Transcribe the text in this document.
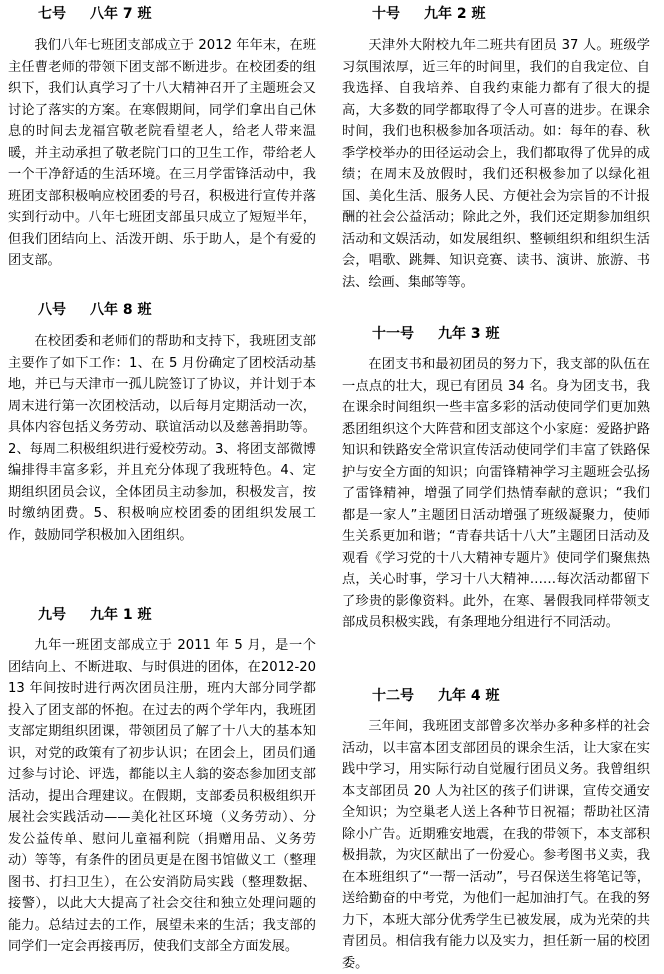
七号 八年 7 班

我们八年七班团支部成立于 2012 年年末，在班主任曹老师的带领下团支部不断进步。在校团委的组织下，我们认真学习了十八大精神召开了主题班会又讨论了落实的方案。在寒假期间，同学们拿出自己休息的时间去龙福宫敬老院看望老人，给老人带来温暖，并主动承担了敬老院门口的卫生工作，带给老人一个干净舒适的生活环境。在三月学雷锋活动中，我班团支部积极响应校团委的号召，积极进行宣传并落实到行动中。八年七班团支部虽只成立了短短半年，但我们团结向上、活泼开朗、乐于助人，是个有爱的团支部。

八号 八年 8 班

在校团委和老师们的帮助和支持下，我班团支部主要作了如下工作：1、在 5 月份确定了团校活动基地，并已与天津市一孤儿院签订了协议，并计划于本周末进行第一次团校活动，以后每月定期活动一次，具体内容包括义务劳动、联谊活动以及慈善捐助等。2、每周二积极组织进行爱校劳动。3、将团支部微博编排得丰富多彩，并且充分体现了我班特色。4、定期组织团员会议，全体团员主动参加，积极发言，按时缴纳团费。5、积极响应校团委的团组织发展工作，鼓励同学积极加入团组织。

九号 九年 1 班

九年一班团支部成立于 2011 年 5 月，是一个团结向上、不断进取、与时俱进的团体，在2012-2013 年间按时进行两次团员注册，班内大部分同学都投入了团支部的怀抱。在过去的两个学年内，我班团支部定期组织团课，带领团员了解了十八大的基本知识，对党的政策有了初步认识；在团会上，团员们通过参与讨论、评选，都能以主人翁的姿态参加团支部活动，提出合理建议。在假期，支部委员积极组织开展社会实践活动——美化社区环境（义务劳动）、分发公益传单、慰问儿童福利院（捐赠用品、义务劳动）等等，有条件的团员更是在图书馆做义工（整理图书、打扫卫生），在公安消防局实践（整理数据、接警），以此大大提高了社会交往和独立处理问题的能力。总结过去的工作，展望未来的生活；我支部的同学们一定会再接再厉，使我们支部全方面发展。

十号 九年 2 班

天津外大附校九年二班共有团员 37 人。班级学习氛围浓厚，近三年的时间里，我们的自我定位、自我选择、自我培养、自我约束能力都有了很大的提高，大多数的同学都取得了令人可喜的进步。在课余时间，我们也积极参加各项活动。如：每年的春、秋季学校举办的田径运动会上，我们都取得了优异的成绩；在周末及放假时，我们还积极参加了以绿化祖国、美化生活、服务人民、方便社会为宗旨的不计报酬的社会公益活动；除此之外，我们还定期参加组织活动和文娱活动，如发展组织、整顿组织和组织生活会，唱歌、跳舞、知识竞赛、读书、演讲、旅游、书法、绘画、集邮等等。

十一号 九年 3 班

在团支书和最初团员的努力下，我支部的队伍在一点点的壮大，现已有团员 34 名。身为团支书，我在课余时间组织一些丰富多彩的活动使同学们更加熟悉团组织这个大阵营和团支部这个小家庭：爱路护路知识和铁路安全常识宣传活动使同学们丰富了铁路保护与安全方面的知识；向雷锋精神学习主题班会弘扬了雷锋精神，增强了同学们热情奉献的意识；“我们都是一家人”主题团日活动增强了班级凝聚力，使师生关系更加和谐；“青春共话十八大”主题团日活动及观看《学习党的十八大精神专题片》使同学们聚焦热点，关心时事，学习十八大精神……每次活动都留下了珍贵的影像资料。此外，在寒、暑假我同样带领支部成员积极实践，有条理地分组进行不同活动。

十二号 九年 4 班

三年间，我班团支部曾多次举办多种多样的社会活动，以丰富本团支部团员的课余生活，让大家在实践中学习，用实际行动自觉履行团员义务。我曾组织本支部团员 20 人为社区的孩子们讲课，宣传交通安全知识；为空巢老人送上各种节日祝福；帮助社区清除小广告。近期雅安地震，在我的带领下，本支部积极捐款，为灾区献出了一份爱心。参考图书义卖，我在本班组织了“一帮一活动”，号召保送生将笔记等，送给勤奋的中考党，为他们一起加油打气。在我的努力下，本班大部分优秀学生已被发展，成为光荣的共青团员。相信我有能力以及实力，担任新一届的校团委。
